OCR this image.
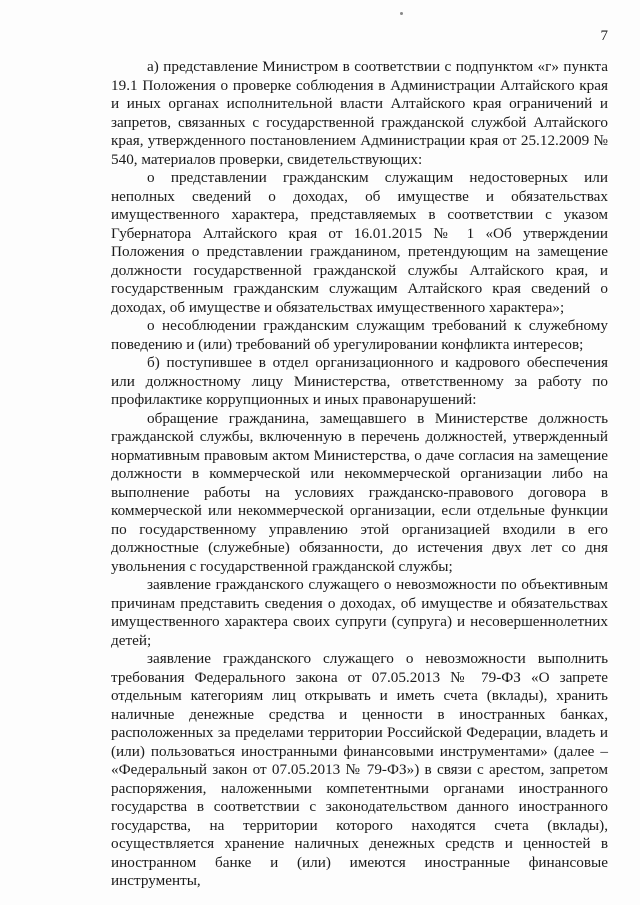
7

а) представление Министром в соответствии с подпунктом «г» пункта 19.1 Положения о проверке соблюдения в Администрации Алтайского края и иных органах исполнительной власти Алтайского края ограничений и запретов, связанных с государственной гражданской службой Алтайского края, утвержденного постановлением Администрации края от 25.12.2009 № 540, материалов проверки, свидетельствующих:

о представлении гражданским служащим недостоверных или неполных сведений о доходах, об имуществе и обязательствах имущественного характера, представляемых в соответствии с указом Губернатора Алтайского края от 16.01.2015 № 1 «Об утверждении Положения о представлении гражданином, претендующим на замещение должности государственной гражданской службы Алтайского края, и государственным гражданским служащим Алтайского края сведений о доходах, об имуществе и обязательствах имущественного характера»;

о несоблюдении гражданским служащим требований к служебному поведению и (или) требований об урегулировании конфликта интересов;

б) поступившее в отдел организационного и кадрового обеспечения или должностному лицу Министерства, ответственному за работу по профилактике коррупционных и иных правонарушений:

обращение гражданина, замещавшего в Министерстве должность гражданской службы, включенную в перечень должностей, утвержденный нормативным правовым актом Министерства, о даче согласия на замещение должности в коммерческой или некоммерческой организации либо на выполнение работы на условиях гражданско-правового договора в коммерческой или некоммерческой организации, если отдельные функции по государственному управлению этой организацией входили в его должностные (служебные) обязанности, до истечения двух лет со дня увольнения с государственной гражданской службы;

заявление гражданского служащего о невозможности по объективным причинам представить сведения о доходах, об имуществе и обязательствах имущественного характера своих супруги (супруга) и несовершеннолетних детей;

заявление гражданского служащего о невозможности выполнить требования Федерального закона от 07.05.2013 № 79-ФЗ «О запрете отдельным категориям лиц открывать и иметь счета (вклады), хранить наличные денежные средства и ценности в иностранных банках, расположенных за пределами территории Российской Федерации, владеть и (или) пользоваться иностранными финансовыми инструментами» (далее – «Федеральный закон от 07.05.2013 № 79-ФЗ») в связи с арестом, запретом распоряжения, наложенными компетентными органами иностранного государства в соответствии с законодательством данного иностранного государства, на территории которого находятся счета (вклады), осуществляется хранение наличных денежных средств и ценностей в иностранном банке и (или) имеются иностранные финансовые инструменты,
